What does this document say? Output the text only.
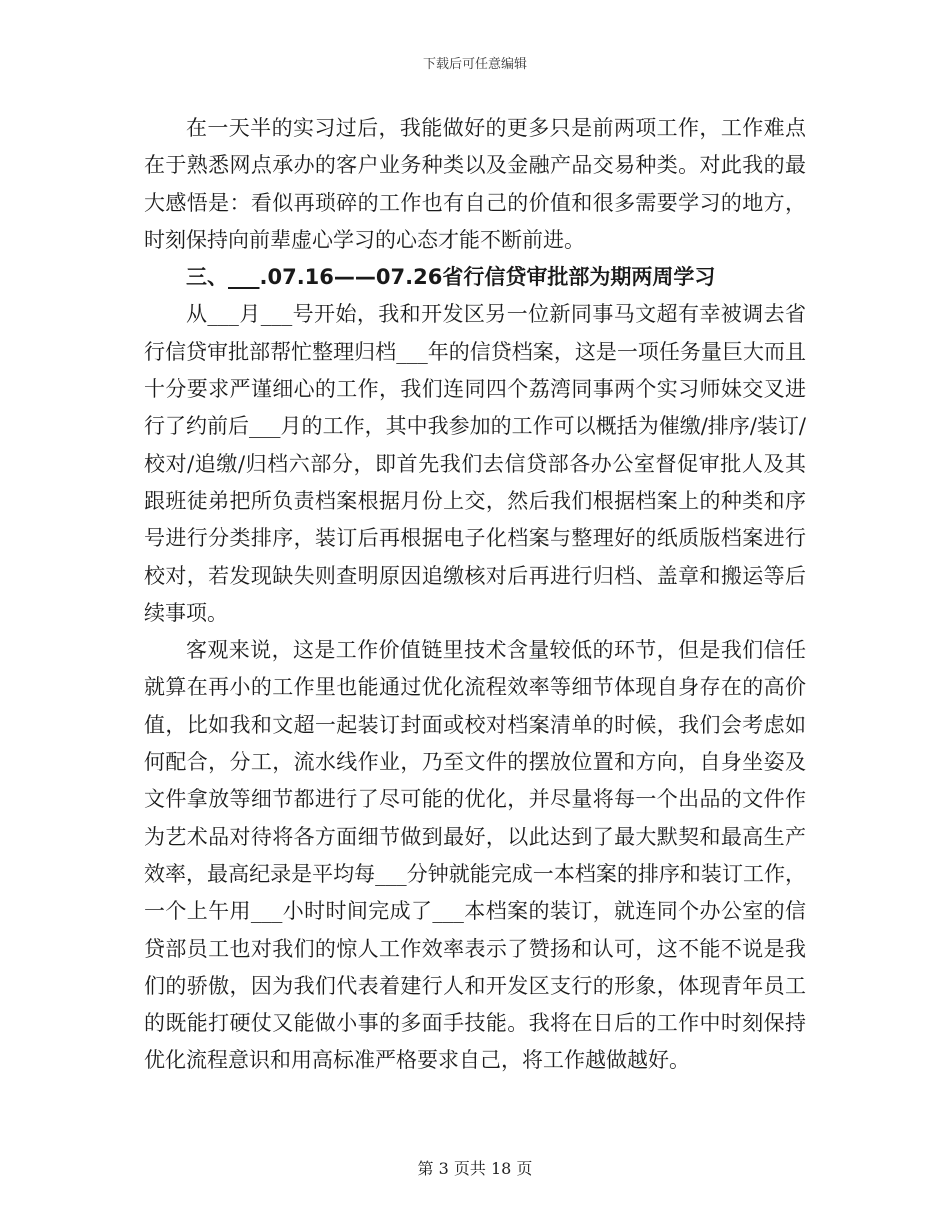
下载后可任意编辑

在一天半的实习过后，我能做好的更多只是前两项工作，工作难点在于熟悉网点承办的客户业务种类以及金融产品交易种类。对此我的最大感悟是：看似再琐碎的工作也有自己的价值和很多需要学习的地方，时刻保持向前辈虚心学习的心态才能不断前进。

三、___.07.16——07.26省行信贷审批部为期两周学习

从___月___号开始，我和开发区另一位新同事马文超有幸被调去省行信贷审批部帮忙整理归档___年的信贷档案，这是一项任务量巨大而且十分要求严谨细心的工作，我们连同四个荔湾同事两个实习师妹交叉进行了约前后___月的工作，其中我参加的工作可以概括为催缴/排序/装订/校对/追缴/归档六部分，即首先我们去信贷部各办公室督促审批人及其跟班徒弟把所负责档案根据月份上交，然后我们根据档案上的种类和序号进行分类排序，装订后再根据电子化档案与整理好的纸质版档案进行校对，若发现缺失则查明原因追缴核对后再进行归档、盖章和搬运等后续事项。

客观来说，这是工作价值链里技术含量较低的环节，但是我们信任就算在再小的工作里也能通过优化流程效率等细节体现自身存在的高价值，比如我和文超一起装订封面或校对档案清单的时候，我们会考虑如何配合，分工，流水线作业，乃至文件的摆放位置和方向，自身坐姿及文件拿放等细节都进行了尽可能的优化，并尽量将每一个出品的文件作为艺术品对待将各方面细节做到最好，以此达到了最大默契和最高生产效率，最高纪录是平均每___分钟就能完成一本档案的排序和装订工作，一个上午用___小时时间完成了___本档案的装订，就连同个办公室的信贷部员工也对我们的惊人工作效率表示了赞扬和认可，这不能不说是我们的骄傲，因为我们代表着建行人和开发区支行的形象，体现青年员工的既能打硬仗又能做小事的多面手技能。我将在日后的工作中时刻保持优化流程意识和用高标准严格要求自己，将工作越做越好。

第 3 页共 18 页
